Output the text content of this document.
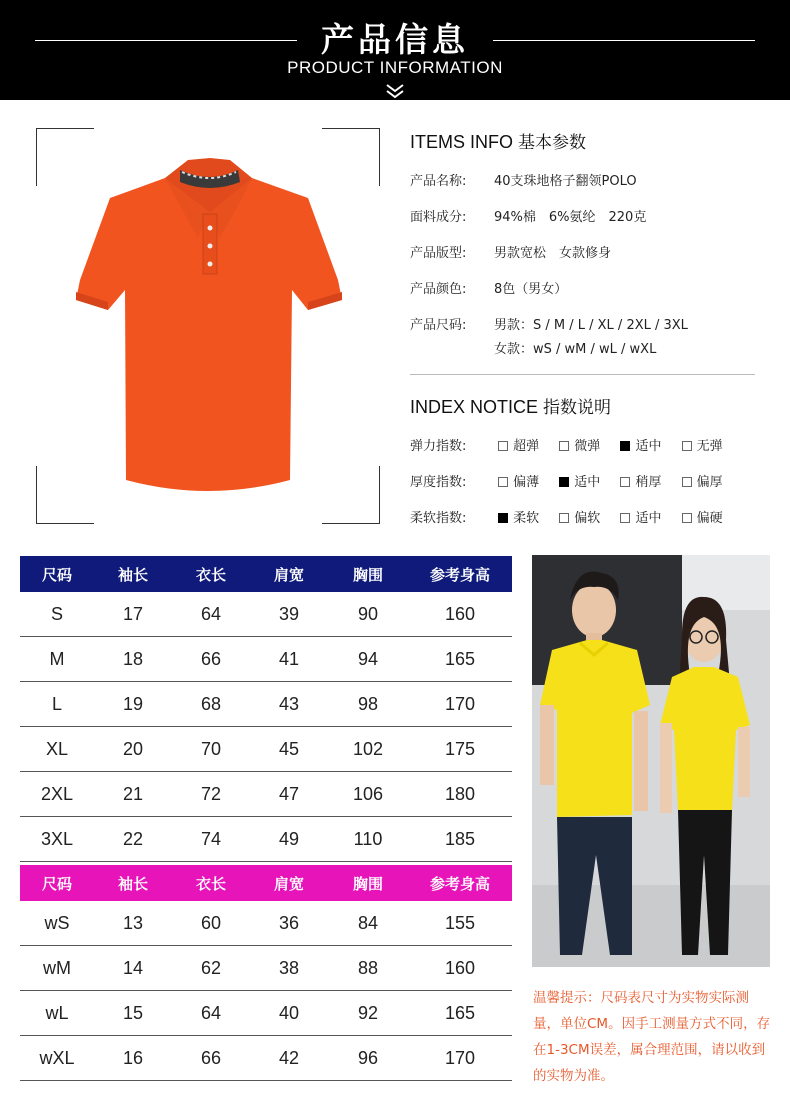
产品信息
PRODUCT INFORMATION
ITEMS INFO 基本参数
产品名称: 40支珠地格子翻领POLO
面料成分: 94%棉　6%氨纶　220克
产品版型: 男款宽松　女款修身
产品颜色: 8色（男女）
产品尺码: 男款：S / M / L / XL / 2XL / 3XL
女款：wS / wM / wL / wXL
INDEX NOTICE 指数说明
弹力指数:	超弹	微弹	适中	无弹
厚度指数:	偏薄	适中	稍厚	偏厚
柔软指数:	柔软	偏软	适中	偏硬
尺码	袖长	衣长	肩宽	胸围	参考身高
S	17	64	39	90	160
M	18	66	41	94	165
L	19	68	43	98	170
XL	20	70	45	102	175
2XL	21	72	47	106	180
3XL	22	74	49	110	185
尺码	袖长	衣长	肩宽	胸围	参考身高
wS	13	60	36	84	155
wM	14	62	38	88	160
wL	15	64	40	92	165
wXL	16	66	42	96	170
温馨提示：尺码表尺寸为实物实际测量，单位CM。因手工测量方式不同，存在1-3CM误差，属合理范围，请以收到的实物为准。
